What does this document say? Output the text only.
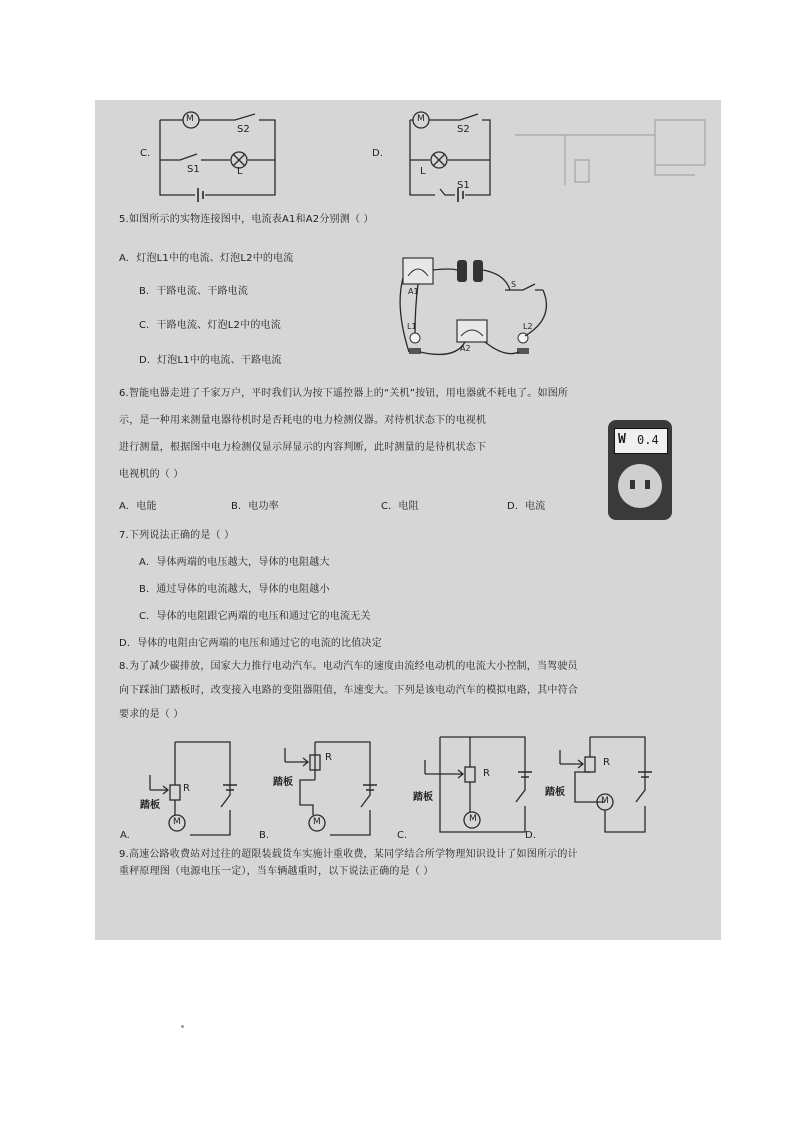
C.
M
S2
S1	L
D.
M
S2
S1
L
5.如图所示的实物连接图中，电流表A1和A2分别测（ ）
A．灯泡L1中的电流、灯泡L2中的电流
B．干路电流、干路电流
C．干路电流、灯泡L2中的电流
D．灯泡L1中的电流、干路电流
A1
A2
L1	L2
S
6.智能电器走进了千家万户，平时我们认为按下遥控器上的“关机”按钮，用电器就不耗电了。如图所
示，是一种用来测量电器待机时是否耗电的电力检测仪器。对待机状态下的电视机
进行测量，根据图中电力检测仪显示屏显示的内容判断，此时测量的是待机状态下
电视机的（ ）
A．电能	B．电功率	C．电阻	D．电流
W 0.4
7.下列说法正确的是（ ）
A．导体两端的电压越大，导体的电阻越大
B．通过导体的电流越大，导体的电阻越小
C．导体的电阻跟它两端的电压和通过它的电流无关
D．导体的电阻由它两端的电压和通过它的电流的比值决定
8.为了减少碳排放，国家大力推行电动汽车。电动汽车的速度由流经电动机的电流大小控制，当驾驶员
向下踩油门踏板时，改变接入电路的变阻器阻值，车速变大。下列是该电动汽车的模拟电路，其中符合
要求的是（ ）
R
踏板
M
A.
R
踏板
M
B.
R
踏板
M
C.
R
踏板
M
D.
9.高速公路收费站对过往的超限装载货车实施计重收费，某同学结合所学物理知识设计了如图所示的计
重秤原理图（电源电压一定），当车辆越重时，以下说法正确的是（ ）
